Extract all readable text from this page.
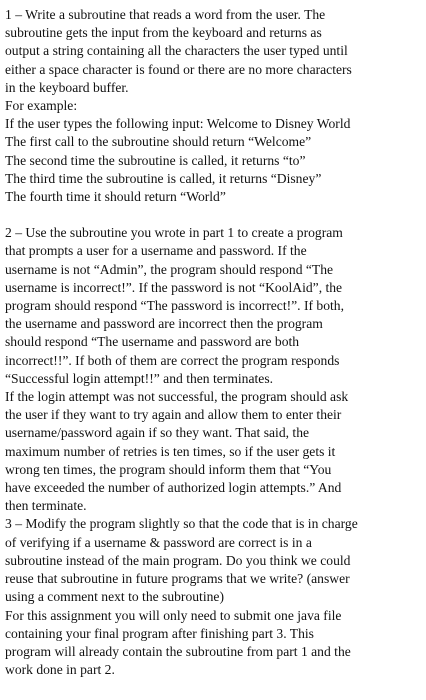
1 – Write a subroutine that reads a word from the user. The
subroutine gets the input from the keyboard and returns as
output a string containing all the characters the user typed until
either a space character is found or there are no more characters
in the keyboard buffer.
For example:
If the user types the following input: Welcome to Disney World
The first call to the subroutine should return “Welcome”
The second time the subroutine is called, it returns “to”
The third time the subroutine is called, it returns “Disney”
The fourth time it should return “World”
2 – Use the subroutine you wrote in part 1 to create a program
that prompts a user for a username and password. If the
username is not “Admin”, the program should respond “The
username is incorrect!”. If the password is not “KoolAid”, the
program should respond “The password is incorrect!”. If both,
the username and password are incorrect then the program
should respond “The username and password are both
incorrect!!”. If both of them are correct the program responds
“Successful login attempt!!” and then terminates.
If the login attempt was not successful, the program should ask
the user if they want to try again and allow them to enter their
username/password again if so they want. That said, the
maximum number of retries is ten times, so if the user gets it
wrong ten times, the program should inform them that “You
have exceeded the number of authorized login attempts.” And
then terminate.
3 – Modify the program slightly so that the code that is in charge
of verifying if a username & password are correct is in a
subroutine instead of the main program. Do you think we could
reuse that subroutine in future programs that we write? (answer
using a comment next to the subroutine)
For this assignment you will only need to submit one java file
containing your final program after finishing part 3. This
program will already contain the subroutine from part 1 and the
work done in part 2.
